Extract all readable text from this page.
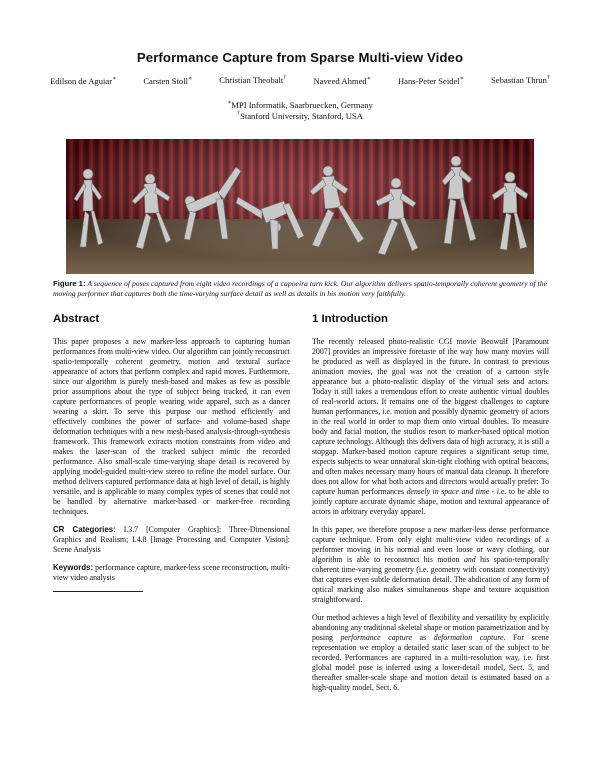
Performance Capture from Sparse Multi-view Video
Edilson de Aguiar∗	Carsten Stoll∗	Christian Theobalt†	Naveed Ahmed∗	Hans-Peter Seidel∗	Sebastian Thrun†
∗MPI Informatik, Saarbruecken, Germany
†Stanford University, Stanford, USA
Figure 1: A sequence of poses captured from eight video recordings of a capoeira turn kick. Our algorithm delivers spatio-temporally coherent geometry of the moving performer that captures both the time-varying surface detail as well as details in his motion very faithfully.
Abstract

This paper proposes a new marker-less approach to capturing human performances from multi-view video. Our algorithm can jointly reconstruct spatio-temporally coherent geometry, motion and textural surface appearance of actors that perform complex and rapid moves. Furthermore, since our algorithm is purely mesh-based and makes as few as possible prior assumptions about the type of subject being tracked, it can even capture performances of people wearing wide apparel, such as a dancer wearing a skirt. To serve this purpose our method efficiently and effectively combines the power of surface- and volume-based shape deformation techniques with a new mesh-based analysis-through-synthesis framework. This framework extracts motion constraints from video and makes the laser-scan of the tracked subject mimic the recorded performance. Also small-scale time-varying shape detail is recovered by applying model-guided multi-view stereo to refine the model surface. Our method delivers captured performance data at high level of detail, is highly versatile, and is applicable to many complex types of scenes that could not be handled by alternative marker-based or marker-free recording techniques.

CR Categories: I.3.7 [Computer Graphics]: Three-Dimensional Graphics and Realism; I.4.8 [Image Processing and Computer Vision]: Scene Analysis

Keywords: performance capture, marker-less scene reconstruction, multi-view video analysis

1 Introduction

The recently released photo-realistic CGI movie Beowulf [Paramount 2007] provides an impressive foretaste of the way how many movies will be produced as well as displayed in the future. In contrast to previous animation movies, the goal was not the creation of a cartoon style appearance but a photo-realistic display of the virtual sets and actors. Today it still takes a tremendous effort to create authentic virtual doubles of real-world actors. It remains one of the biggest challenges to capture human performances, i.e. motion and possibly dynamic geometry of actors in the real world in order to map them onto virtual doubles. To measure body and facial motion, the studios resort to marker-based optical motion capture technology. Although this delivers data of high accuracy, it is still a stopgap. Marker-based motion capture requires a significant setup time, expects subjects to wear unnatural skin-tight clothing with optical beacons, and often makes necessary many hours of manual data cleanup. It therefore does not allow for what both actors and directors would actually prefer: To capture human performances densely in space and time - i.e. to be able to jointly capture accurate dynamic shape, motion and textural appearance of actors in arbitrary everyday apparel.

In this paper, we therefore propose a new marker-less dense performance capture technique. From only eight multi-view video recordings of a performer moving in his normal and even loose or wavy clothing, our algorithm is able to reconstruct his motion and his spatio-temporally coherent time-varying geometry (i.e. geometry with constant connectivity) that captures even subtle deformation detail. The abdication of any form of optical marking also makes simultaneous shape and texture acquisition straightforward.

Our method achieves a high level of flexibility and versatility by explicitly abandoning any traditional skeletal shape or motion parametrization and by posing performance capture as deformation capture. For scene representation we employ a detailed static laser scan of the subject to be recorded. Performances are captured in a multi-resolution way, i.e. first global model pose is inferred using a lower-detail model, Sect. 5, and thereafter smaller-scale shape and motion detail is estimated based on a high-quality model, Sect. 6.
